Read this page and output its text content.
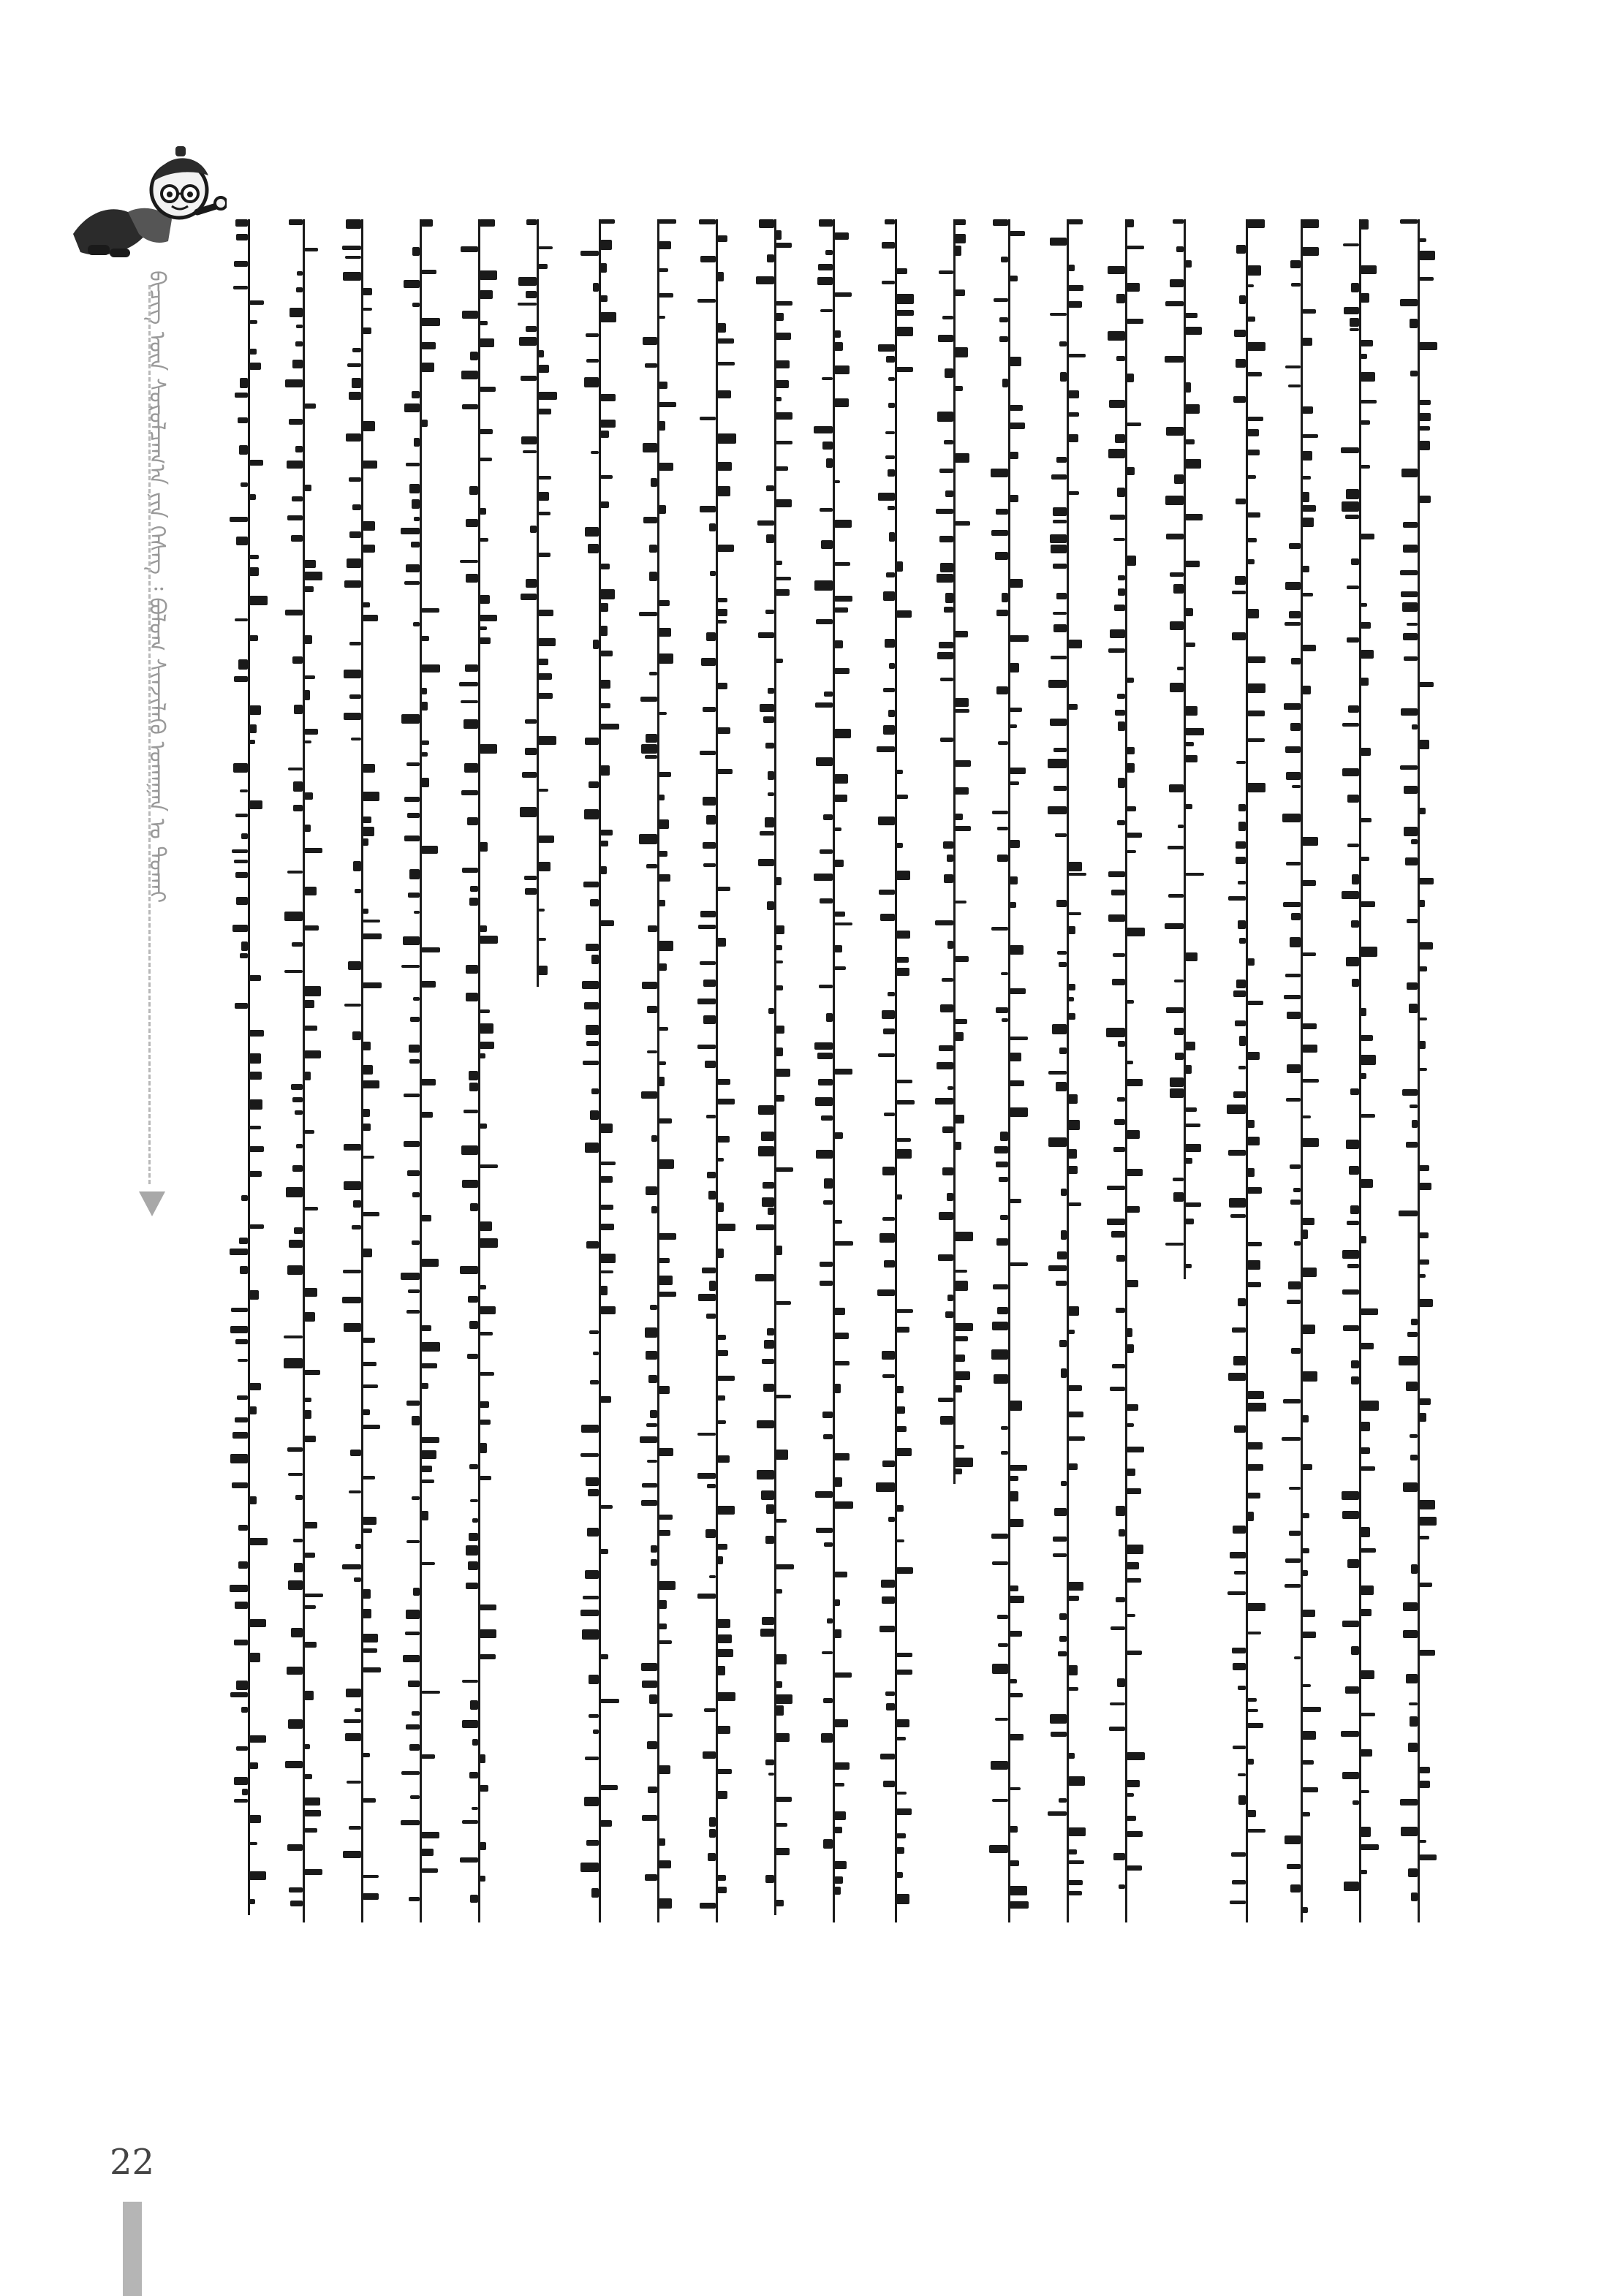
ᠪᠢᠴᠢᠭ ᠦᠨ ᠰᠤᠷᠤᠯᠴᠠᠭ᠎ᠠ ᠶᠢᠨ ᠬᠡᠰᠡᠭ ᠄ ᠪᠤᠯᠤᠭ ᠰᠢᠨᠵᠢᠯᠡᠬᠦ ᠤᠬᠠᠭᠠᠨ ᠤ ᠲᠤᠬᠠᠢ
22
